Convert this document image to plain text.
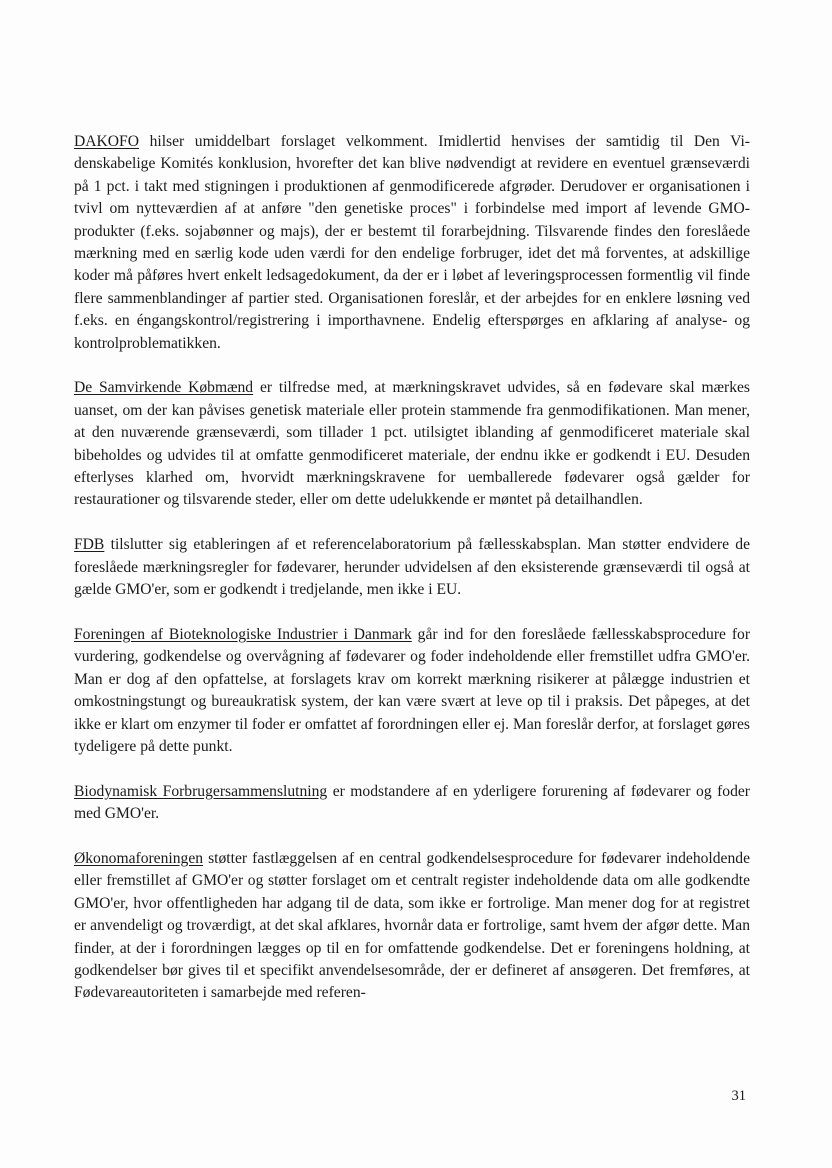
DAKOFO hilser umiddelbart forslaget velkomment. Imidlertid henvises der samtidig til Den Videnskabelige Komités konklusion, hvorefter det kan blive nødvendigt at revidere en eventuel grænseværdi på 1 pct. i takt med stigningen i produktionen af genmodificerede afgrøder. Derudover er organisationen i tvivl om nytteværdien af at anføre "den genetiske proces" i forbindelse med import af levende GMO-produkter (f.eks. sojabønner og majs), der er bestemt til forarbejdning. Tilsvarende findes den foreslåede mærkning med en særlig kode uden værdi for den endelige forbruger, idet det må forventes, at adskillige koder må påføres hvert enkelt ledsagedokument, da der er i løbet af leveringsprocessen formentlig vil finde flere sammenblandinger af partier sted. Organisationen foreslår, et der arbejdes for en enklere løsning ved f.eks. en éngangskontrol/registrering i importhavnene. Endelig efterspørges en afklaring af analyse- og kontrolproblematikken.

De Samvirkende Købmænd er tilfredse med, at mærkningskravet udvides, så en fødevare skal mærkes uanset, om der kan påvises genetisk materiale eller protein stammende fra genmodifikationen. Man mener, at den nuværende grænseværdi, som tillader 1 pct. utilsigtet iblanding af genmodificeret materiale skal bibeholdes og udvides til at omfatte genmodificeret materiale, der endnu ikke er godkendt i EU. Desuden efterlyses klarhed om, hvorvidt mærkningskravene for uemballerede fødevarer også gælder for restaurationer og tilsvarende steder, eller om dette udelukkende er møntet på detailhandlen.

FDB tilslutter sig etableringen af et referencelaboratorium på fællesskabsplan. Man støtter endvidere de foreslåede mærkningsregler for fødevarer, herunder udvidelsen af den eksisterende grænseværdi til også at gælde GMO'er, som er godkendt i tredjelande, men ikke i EU.

Foreningen af Bioteknologiske Industrier i Danmark går ind for den foreslåede fællesskabsprocedure for vurdering, godkendelse og overvågning af fødevarer og foder indeholdende eller fremstillet udfra GMO'er. Man er dog af den opfattelse, at forslagets krav om korrekt mærkning risikerer at pålægge industrien et omkostningstungt og bureaukratisk system, der kan være svært at leve op til i praksis. Det påpeges, at det ikke er klart om enzymer til foder er omfattet af forordningen eller ej. Man foreslår derfor, at forslaget gøres tydeligere på dette punkt.

Biodynamisk Forbrugersammenslutning er modstandere af en yderligere forurening af fødevarer og foder med GMO'er.

Økonomaforeningen støtter fastlæggelsen af en central godkendelsesprocedure for fødevarer indeholdende eller fremstillet af GMO'er og støtter forslaget om et centralt register indeholdende data om alle godkendte GMO'er, hvor offentligheden har adgang til de data, som ikke er fortrolige. Man mener dog for at registret er anvendeligt og troværdigt, at det skal afklares, hvornår data er fortrolige, samt hvem der afgør dette. Man finder, at der i forordningen lægges op til en for omfattende godkendelse. Det er foreningens holdning, at godkendelser bør gives til et specifikt anvendelsesområde, der er defineret af ansøgeren. Det fremføres, at Fødevareautoriteten i samarbejde med referen-

31
